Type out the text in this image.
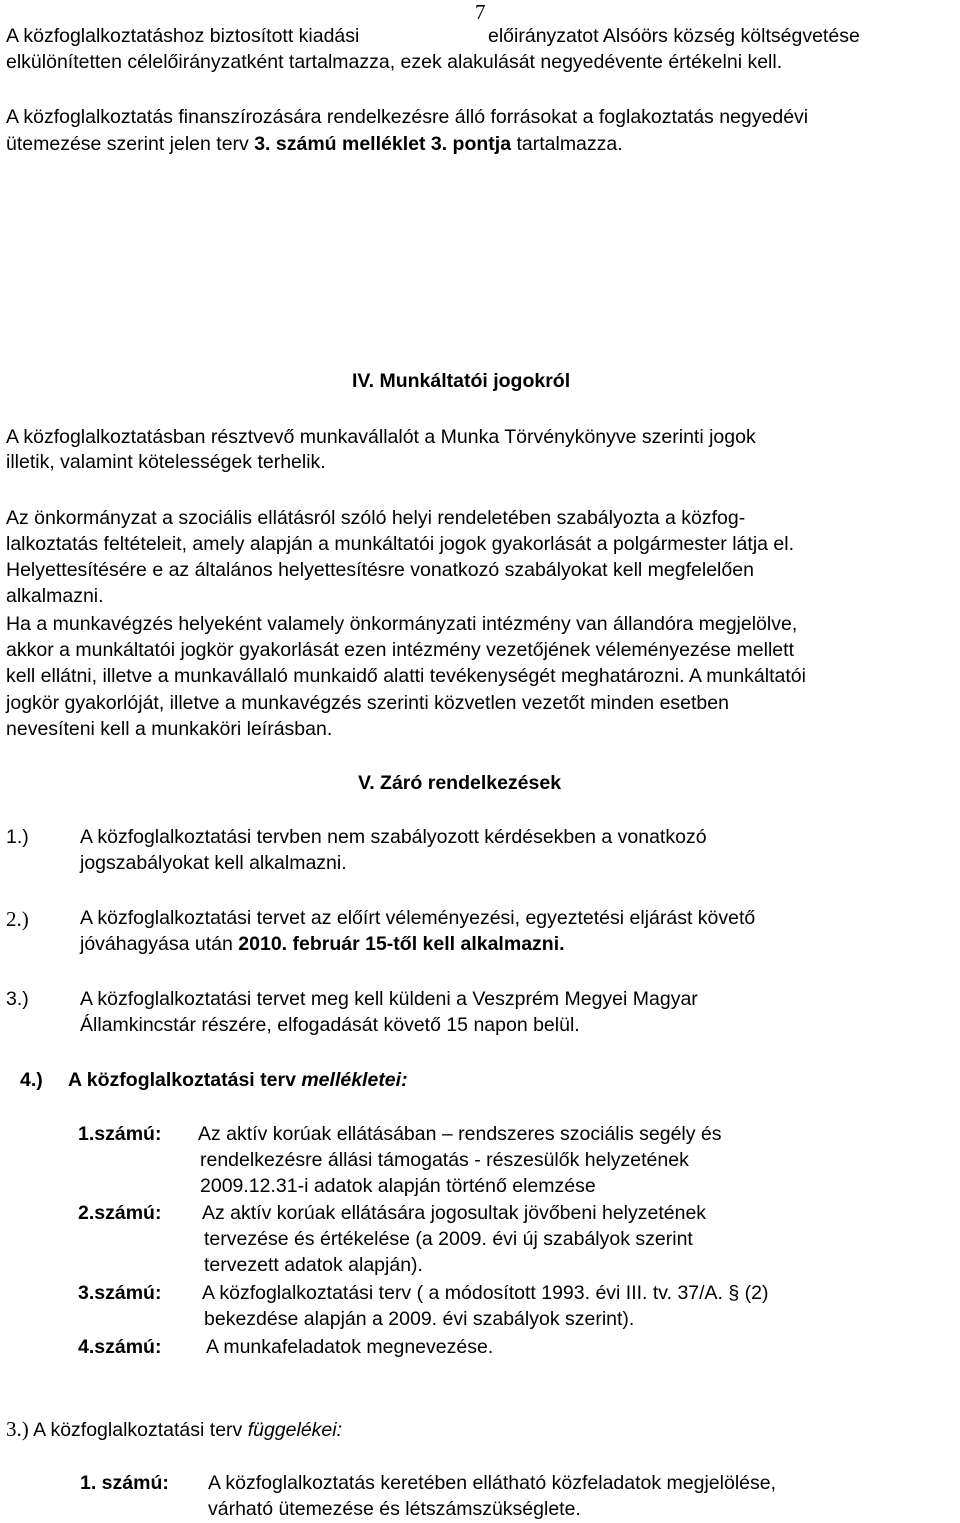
7
A közfoglalkoztatáshoz biztosított kiadási	előirányzatot Alsóörs község költségvetése
elkülönítetten célelőirányzatként tartalmazza, ezek alakulását negyedévente értékelni kell.
A közfoglalkoztatás finanszírozására rendelkezésre álló forrásokat a foglakoztatás negyedévi
ütemezése szerint jelen terv 3. számú melléklet 3. pontja tartalmazza.
IV. Munkáltatói jogokról
A közfoglalkoztatásban résztvevő munkavállalót a Munka Törvénykönyve szerinti jogok
illetik, valamint kötelességek terhelik.
Az önkormányzat a szociális ellátásról szóló helyi rendeletében szabályozta a közfog-
lalkoztatás feltételeit, amely alapján a munkáltatói jogok gyakorlását a polgármester látja el.
Helyettesítésére e az általános helyettesítésre vonatkozó szabályokat kell megfelelően
alkalmazni.
Ha a munkavégzés helyeként valamely önkormányzati intézmény van állandóra megjelölve,
akkor a munkáltatói jogkör gyakorlását ezen intézmény vezetőjének véleményezése mellett
kell ellátni, illetve a munkavállaló munkaidő alatti tevékenységét meghatározni. A munkáltatói
jogkör gyakorlóját, illetve a munkavégzés szerinti közvetlen vezetőt minden esetben
nevesíteni kell a munkaköri leírásban.
V. Záró rendelkezések
1.)	A közfoglalkoztatási tervben nem szabályozott kérdésekben a vonatkozó
jogszabályokat kell alkalmazni.
2.)	A közfoglalkoztatási tervet az előírt véleményezési, egyeztetési eljárást követő
jóváhagyása után 2010. február 15-től kell alkalmazni.
3.)	A közfoglalkoztatási tervet meg kell küldeni a Veszprém Megyei Magyar
Államkincstár részére, elfogadását követő 15 napon belül.
4.) A közfoglalkoztatási terv mellékletei:
1.számú: Az aktív korúak ellátásában – rendszeres szociális segély és
rendelkezésre állási támogatás - részesülők helyzetének
2009.12.31-i adatok alapján történő elemzése
2.számú: Az aktív korúak ellátására jogosultak jövőbeni helyzetének
tervezése és értékelése (a 2009. évi új szabályok szerint
tervezett adatok alapján).
3.számú: A közfoglalkoztatási terv ( a módosított 1993. évi III. tv. 37/A. § (2)
bekezdése alapján a 2009. évi szabályok szerint).
4.számú: A munkafeladatok megnevezése.
3.) A közfoglalkoztatási terv függelékei:
1. számú: A közfoglalkoztatás keretében ellátható közfeladatok megjelölése,
várható ütemezése és létszámszükséglete.
